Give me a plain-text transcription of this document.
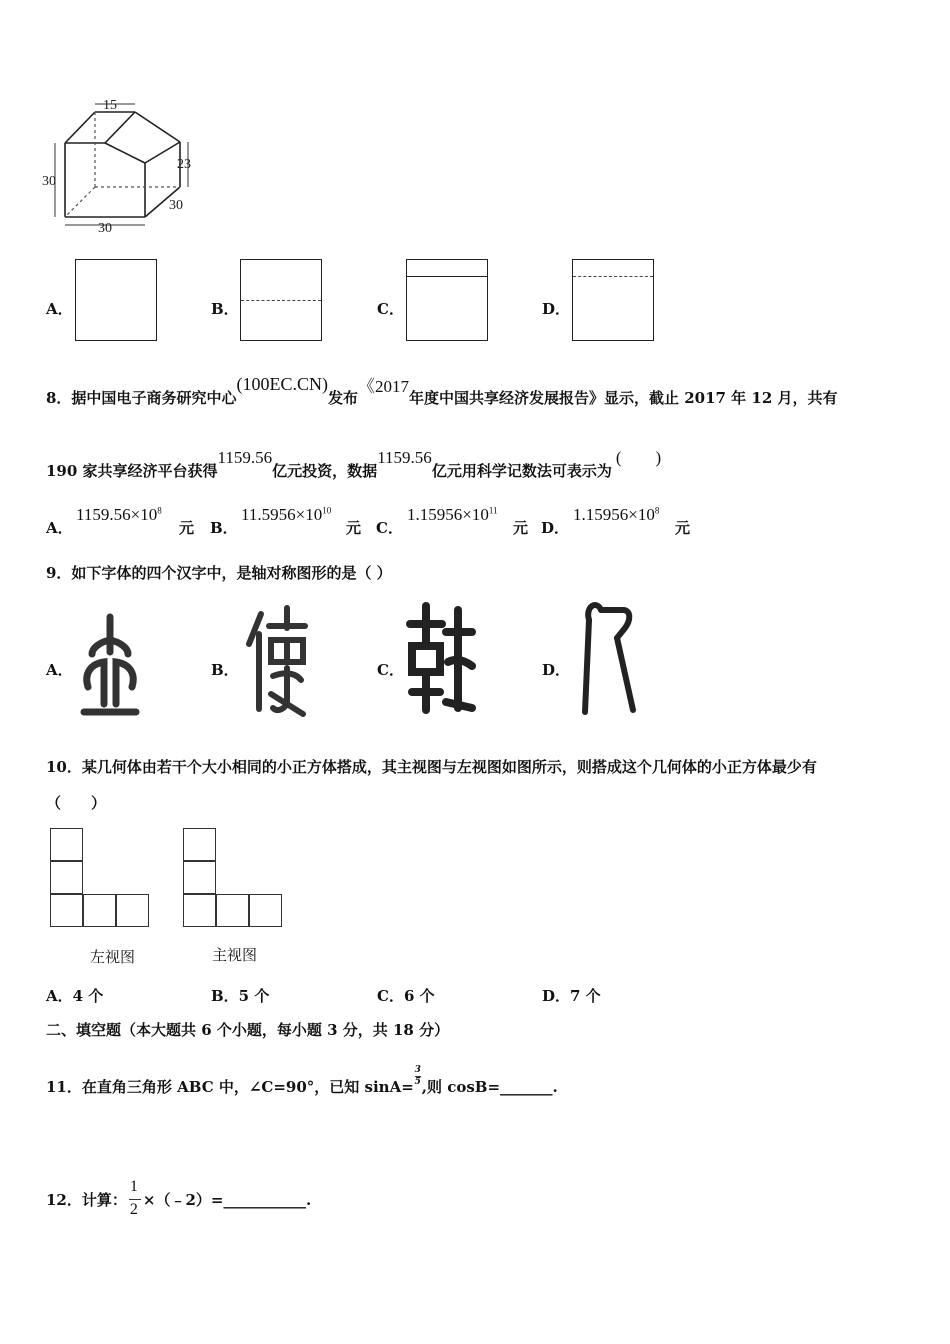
15
23
30
30
30
A．	B．	C．	D．
8．据中国电子商务研究中心(100EC.CN)发布《2017年度中国共享经济发展报告》显示，截止 2017 年 12 月，共有
190 家共享经济平台获得1159.56亿元投资，数据1159.56亿元用科学记数法可表示为(　　)
A．
$1159.56\times 10^8$
元 B．
$11.5956\times 10^{10}$
元 C．
$1.15956\times 10^{11}$
元 D．
$1.15956\times 10^8$
元
9．如下字体的四个汉字中，是轴对称图形的是（ ）
A．	B．	C．	D．
10．某几何体由若干个大小相同的小正方体搭成，其主视图与左视图如图所示，则搭成这个几何体的小正方体最少有
（　　）
左视图	主视图
A．4 个	B．5 个	C．6 个	D．7 个
二、填空题（本大题共 6 个小题，每小题 3 分，共 18 分）
11．在直角三角形 ABC 中，∠C=90°，已知 sinA=
$\frac{3}{5}$
,则 cosB=_______.
12．计算：
$\frac{1}{2}$
×（﹣2）=___________.
